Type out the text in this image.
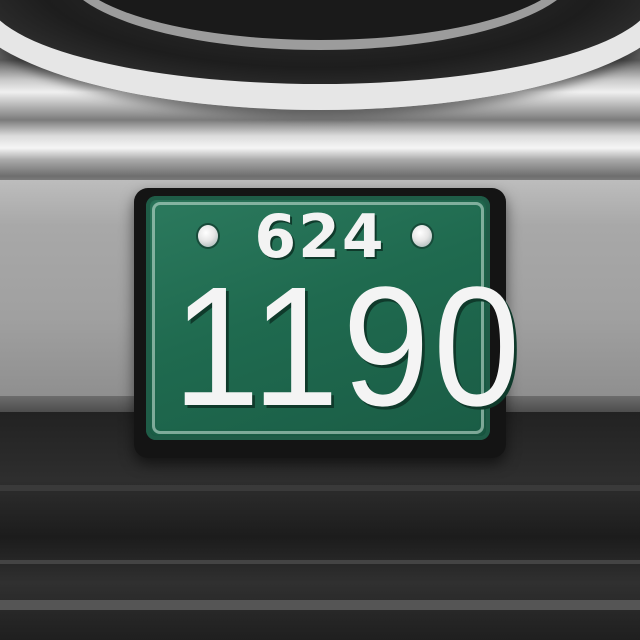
624
1190
